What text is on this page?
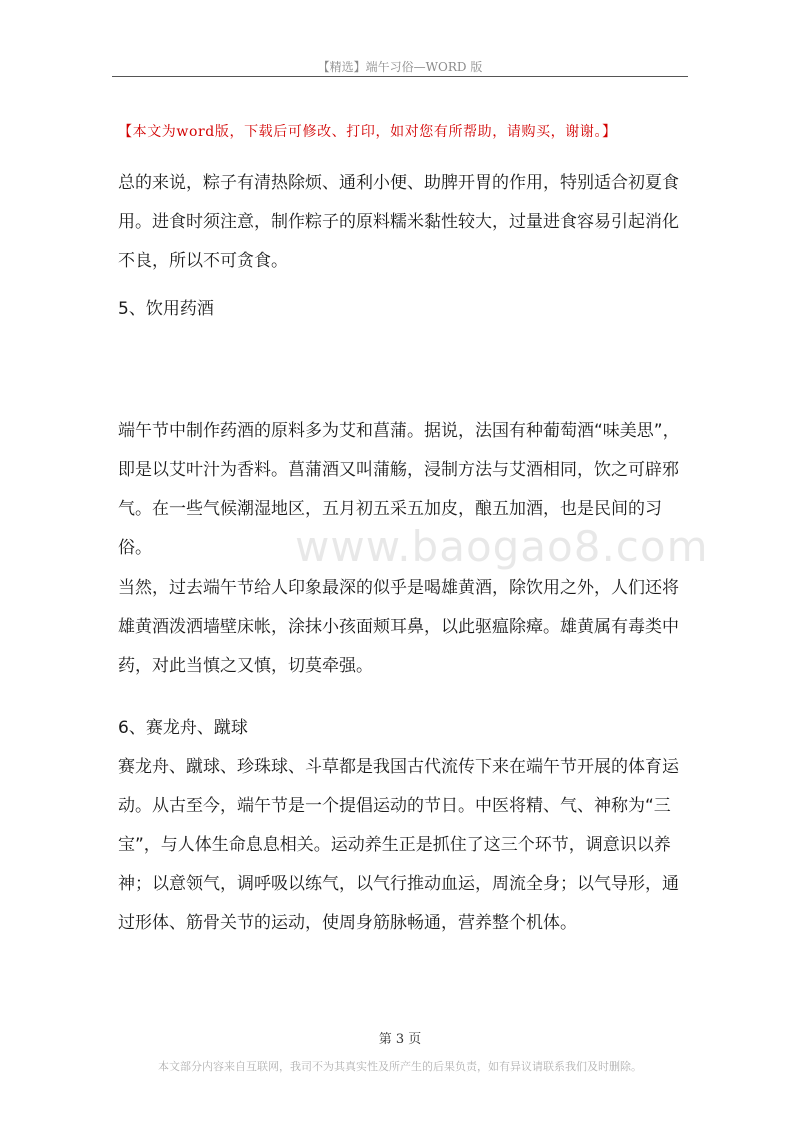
【精选】端午习俗—WORD 版
【本文为word版，下载后可修改、打印，如对您有所帮助，请购买，谢谢。】

总的来说，粽子有清热除烦、通利小便、助脾开胃的作用，特别适合初夏食用。进食时须注意，制作粽子的原料糯米黏性较大，过量进食容易引起消化不良，所以不可贪食。

5、饮用药酒

端午节中制作药酒的原料多为艾和菖蒲。据说，法国有种葡萄酒“味美思”，即是以艾叶汁为香料。菖蒲酒又叫蒲觞，浸制方法与艾酒相同，饮之可辟邪气。在一些气候潮湿地区，五月初五采五加皮，酿五加酒，也是民间的习俗。

当然，过去端午节给人印象最深的似乎是喝雄黄酒，除饮用之外，人们还将雄黄酒泼洒墙壁床帐，涂抹小孩面颊耳鼻，以此驱瘟除瘴。雄黄属有毒类中药，对此当慎之又慎，切莫牵强。

6、赛龙舟、蹴球

赛龙舟、蹴球、珍珠球、斗草都是我国古代流传下来在端午节开展的体育运动。从古至今，端午节是一个提倡运动的节日。中医将精、气、神称为“三宝”，与人体生命息息相关。运动养生正是抓住了这三个环节，调意识以养神；以意领气，调呼吸以练气，以气行推动血运，周流全身；以气导形，通过形体、筋骨关节的运动，使周身筋脉畅通，营养整个机体。

www.baogao8.com
第 3 页
本文部分内容来自互联网，我司不为其真实性及所产生的后果负责，如有异议请联系我们及时删除。
